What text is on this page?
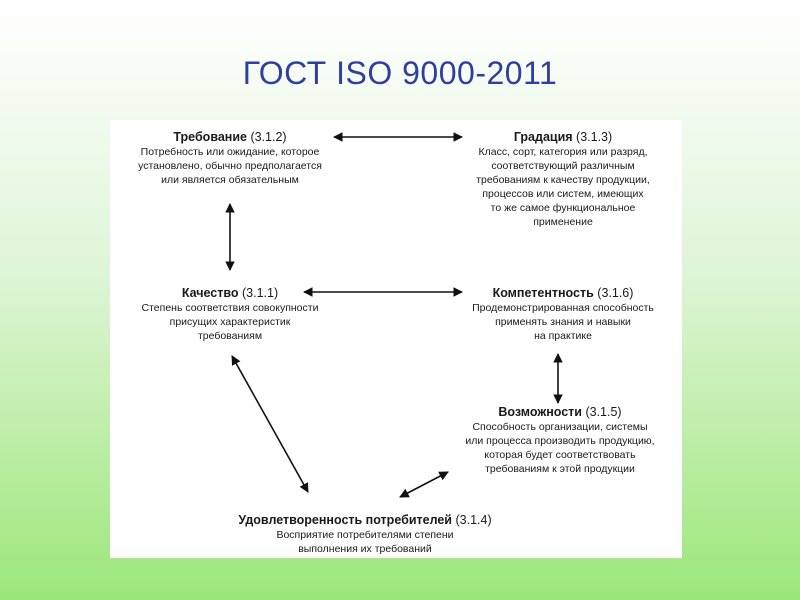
ГОСТ ISO 9000-2011
Требование (3.1.2)
Потребность или ожидание, которое
установлено, обычно предполагается
или является обязательным
Градация (3.1.3)
Класс, сорт, категория или разряд,
соответствующий различным
требованиям к качеству продукции,
процессов или систем, имеющих
то же самое функциональное
применение
Качество (3.1.1)
Степень соответствия совокупности
присущих характеристик
требованиям
Компетентность (3.1.6)
Продемонстрированная способность
применять знания и навыки
на практике
Возможности (3.1.5)
Способность организации, системы
или процесса производить продукцию,
которая будет соответствовать
требованиям к этой продукции
Удовлетворенность потребителей (3.1.4)
Восприятие потребителями степени
выполнения их требований
